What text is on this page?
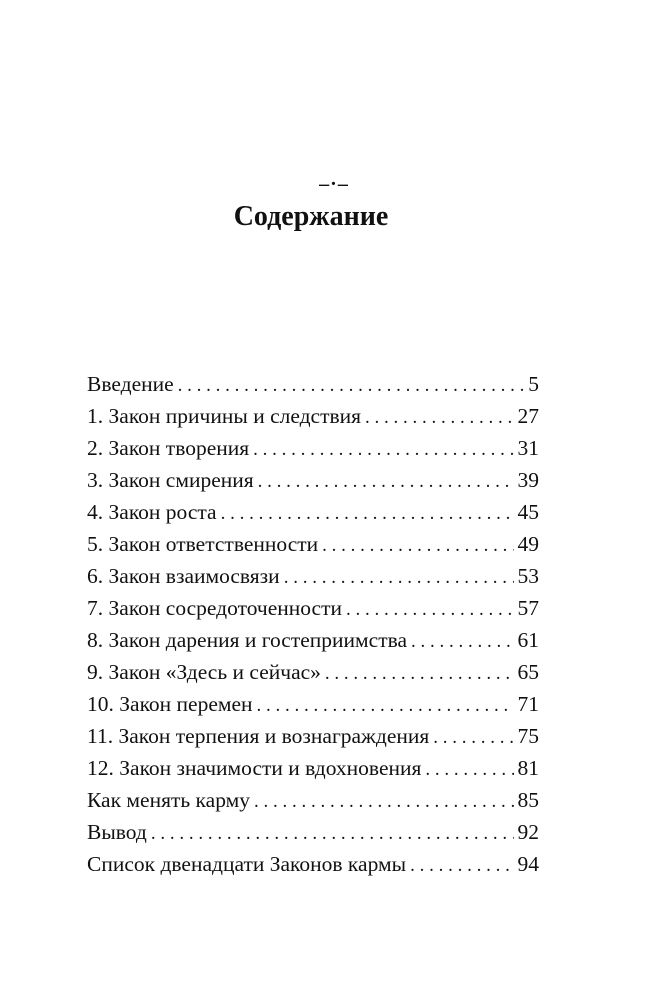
–·–
Содержание
Введение . . .	5
1. Закон причины и следствия . . .	27
2. Закон творения . . .	31
3. Закон смирения . . .	39
4. Закон роста . . .	45
5. Закон ответственности . . .	49
6. Закон взаимосвязи . . .	53
7. Закон сосредоточенности . . .	57
8. Закон дарения и гостеприимства . . .	61
9. Закон «Здесь и сейчас» . . .	65
10. Закон перемен . . .	71
11. Закон терпения и вознаграждения . . .	75
12. Закон значимости и вдохновения . . .	81
Как менять карму . . .	85
Вывод . . .	92
Список двенадцати Законов кармы . . .	94
